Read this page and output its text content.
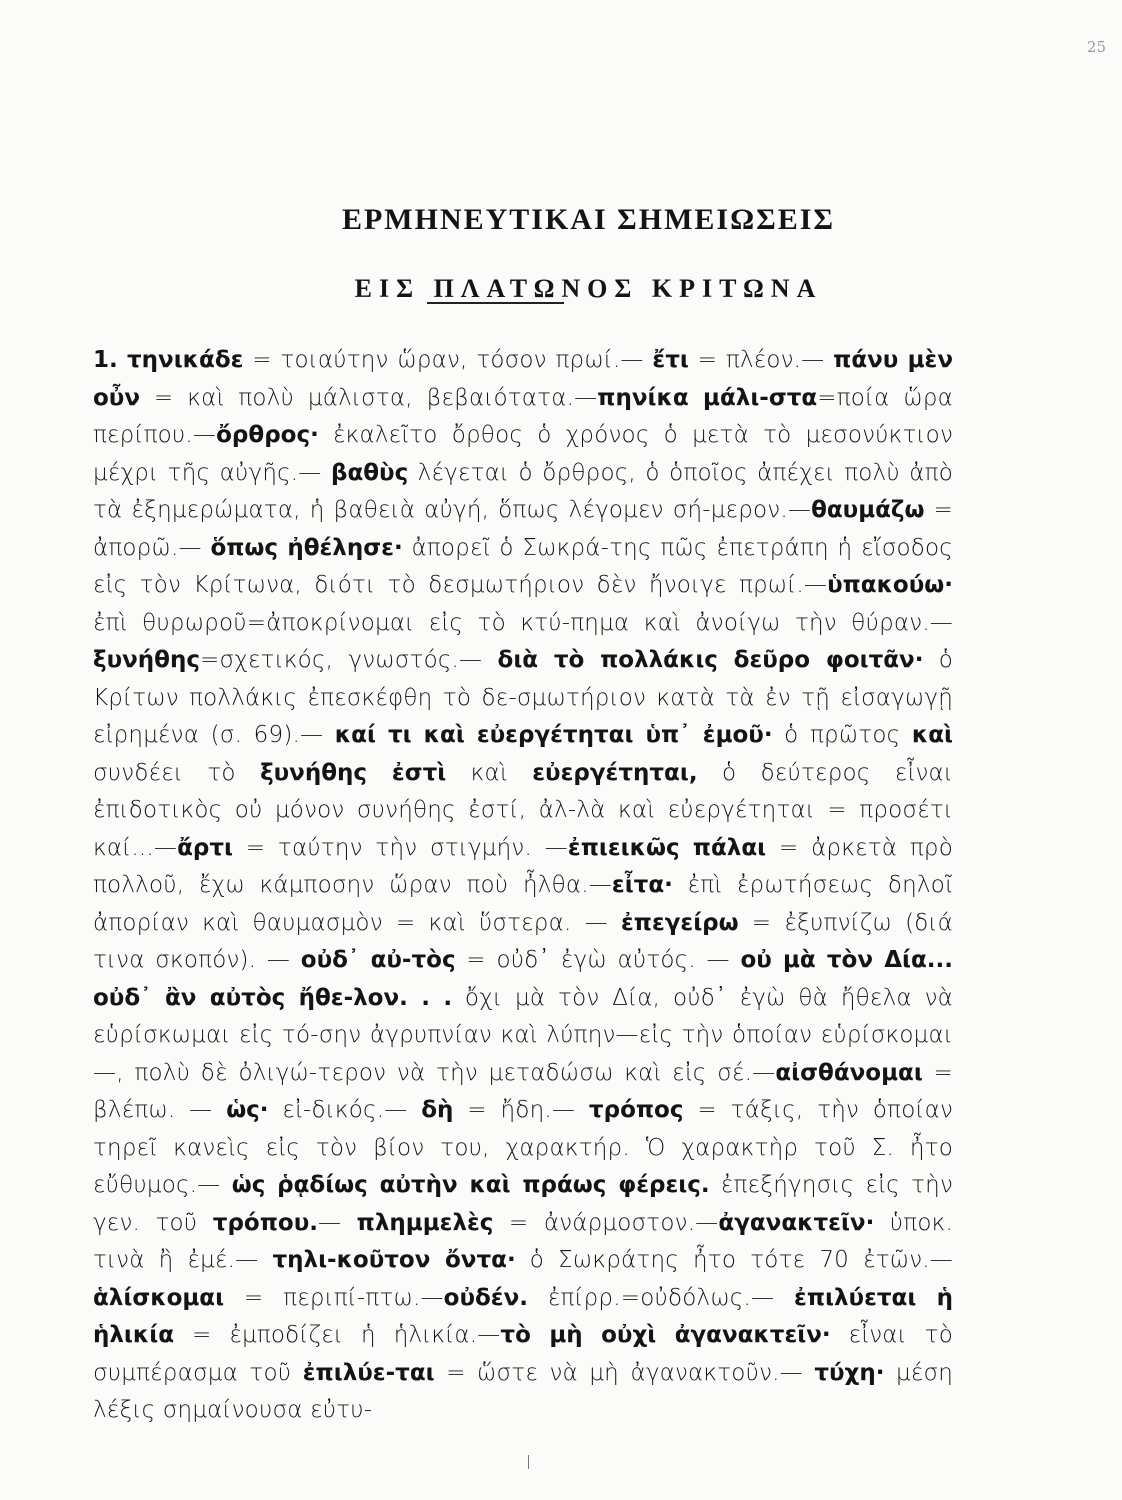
25
ΕΡΜΗΝΕΥΤΙΚΑΙ ΣΗΜΕΙΩΣΕΙΣ
ΕΙΣ ΠΛΑΤΩΝΟΣ ΚΡΙΤΩΝΑ
1. τηνικάδε = τοιαύτην ὥραν, τόσον πρωί.— ἔτι = πλέον.— πάνυ μὲν οὖν = καὶ πολὺ μάλιστα, βεβαιότατα.—πηνίκα μάλι-στα=ποία ὥρα περίπου.—ὄρθρος· ἐκαλεῖτο ὄρθος ὁ χρόνος ὁ μετὰ τὸ μεσονύκτιον μέχρι τῆς αὐγῆς.— βαθὺς λέγεται ὁ ὄρθρος, ὁ ὁποῖος ἀπέχει πολὺ ἀπὸ τὰ ἐξημερώματα, ἡ βαθειὰ αὐγή, ὅπως λέγομεν σή-μερον.—θαυμάζω = ἀπορῶ.— ὅπως ἠθέλησε· ἀπορεῖ ὁ Σωκρά-της πῶς ἐπετράπη ἡ εἴσοδος εἰς τὸν Κρίτωνα, διότι τὸ δεσμωτήριον δὲν ἤνοιγε πρωί.—ὑπακούω· ἐπὶ θυρωροῦ=ἀποκρίνομαι εἰς τὸ κτύ-πημα καὶ ἀνοίγω τὴν θύραν.—ξυνήθης=σχετικός, γνωστός.— διὰ τὸ πολλάκις δεῦρο φοιτᾶν· ὁ Κρίτων πολλάκις ἐπεσκέφθη τὸ δε-σμωτήριον κατὰ τὰ ἐν τῇ εἰσαγωγῇ εἰρημένα (σ. 69).— καί τι καὶ εὐεργέτηται ὑπ᾽ ἐμοῦ· ὁ πρῶτος καὶ συνδέει τὸ ξυνήθης ἐστὶ καὶ εὐεργέτηται, ὁ δεύτερος εἶναι ἐπιδοτικὸς οὐ μόνον συνήθης ἐστί, ἀλ-λὰ καὶ εὐεργέτηται = προσέτι καί...—ἄρτι = ταύτην τὴν στιγμήν. —ἐπιεικῶς πάλαι = ἀρκετὰ πρὸ πολλοῦ, ἔχω κάμποσην ὥραν ποὺ ἦλθα.—εἶτα· ἐπὶ ἐρωτήσεως δηλοῖ ἀπορίαν καὶ θαυμασμὸν = καὶ ὕστερα. — ἐπεγείρω = ἐξυπνίζω (διά τινα σκοπόν). — οὐδ᾽ αὐ-τὸς = οὐδ᾽ ἐγὼ αὐτός. — οὐ μὰ τὸν Δία... οὐδ᾽ ἂν αὐτὸς ἤθε-λον. . . ὄχι μὰ τὸν Δία, οὐδ᾽ ἐγὼ θὰ ἤθελα νὰ εὑρίσκωμαι εἰς τό-σην ἀγρυπνίαν καὶ λύπην—εἰς τὴν ὁποίαν εὑρίσκομαι—, πολὺ δὲ ὀλιγώ-τερον νὰ τὴν μεταδώσω καὶ εἰς σέ.—αἰσθάνομαι = βλέπω. — ὡς· εἰ-δικός.— δὴ = ἤδη.— τρόπος = τάξις, τὴν ὁποίαν τηρεῖ κανεὶς εἰς τὸν βίον του, χαρακτήρ. Ὁ χαρακτὴρ τοῦ Σ. ἦτο εὔθυμος.— ὡς ῥᾳδίως αὐτὴν καὶ πράως φέρεις. ἐπεξήγησις εἰς τὴν γεν. τοῦ τρόπου.— πλημμελὲς = ἀνάρμοστον.—ἀγανακτεῖν· ὑποκ. τινὰ ἢ ἐμέ.— τηλι-κοῦτον ὄντα· ὁ Σωκράτης ἦτο τότε 70 ἐτῶν.— ἁλίσκομαι = περιπί-πτω.—οὐδέν. ἐπίρρ.=οὐδόλως.— ἐπιλύεται ἡ ἡλικία = ἐμποδίζει ἡ ἡλικία.—τὸ μὴ οὐχὶ ἀγανακτεῖν· εἶναι τὸ συμπέρασμα τοῦ ἐπιλύε-ται = ὥστε νὰ μὴ ἀγανακτοῦν.— τύχη· μέση λέξις σημαίνουσα εὐτυ-
